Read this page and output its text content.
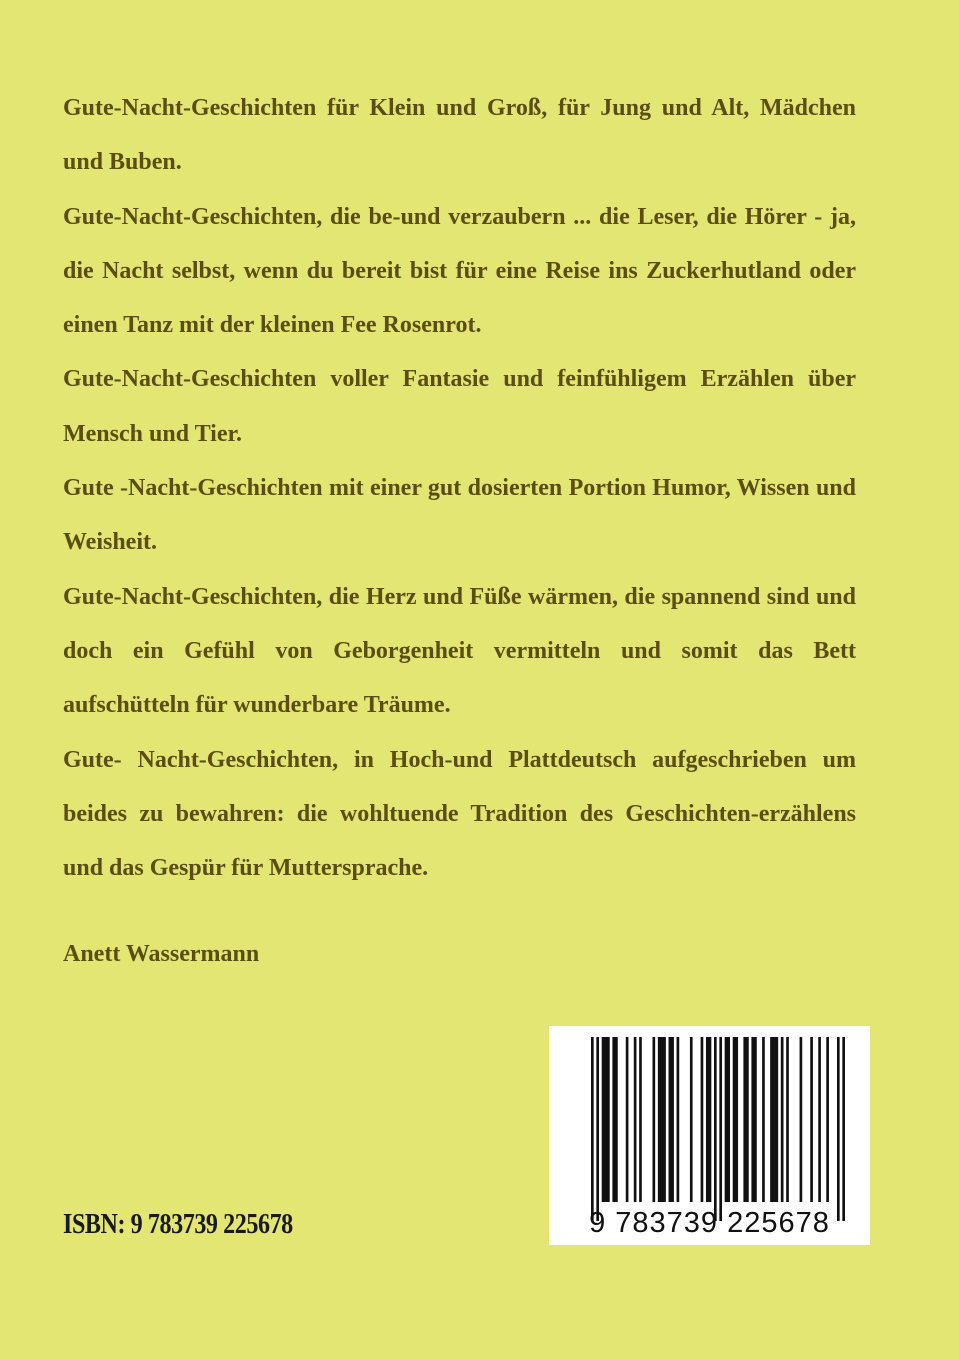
Gute-Nacht-Geschichten für Klein und Groß, für Jung und Alt, Mädchen und Buben.

Gute-Nacht-Geschichten, die be-und verzaubern ... die Leser, die Hörer - ja, die Nacht selbst, wenn du bereit bist für eine Reise ins Zuckerhutland oder einen Tanz mit der kleinen Fee Rosenrot.

Gute-Nacht-Geschichten voller Fantasie und feinfühligem Erzählen über Mensch und Tier.

Gute -Nacht-Geschichten mit einer gut dosierten Portion Humor, Wissen und Weisheit.

Gute-Nacht-Geschichten, die Herz und Füße wärmen, die spannend sind und doch ein Gefühl von Geborgenheit vermitteln und somit das Bett aufschütteln für wunderbare Träume.

Gute- Nacht-Geschichten, in Hoch-und Plattdeutsch aufgeschrieben um beides zu bewahren: die wohltuende Tradition des Geschichten-erzählens und das Gespür für Muttersprache.

Anett Wassermann
ISBN: 9 783739 225678	9 783739 225678
